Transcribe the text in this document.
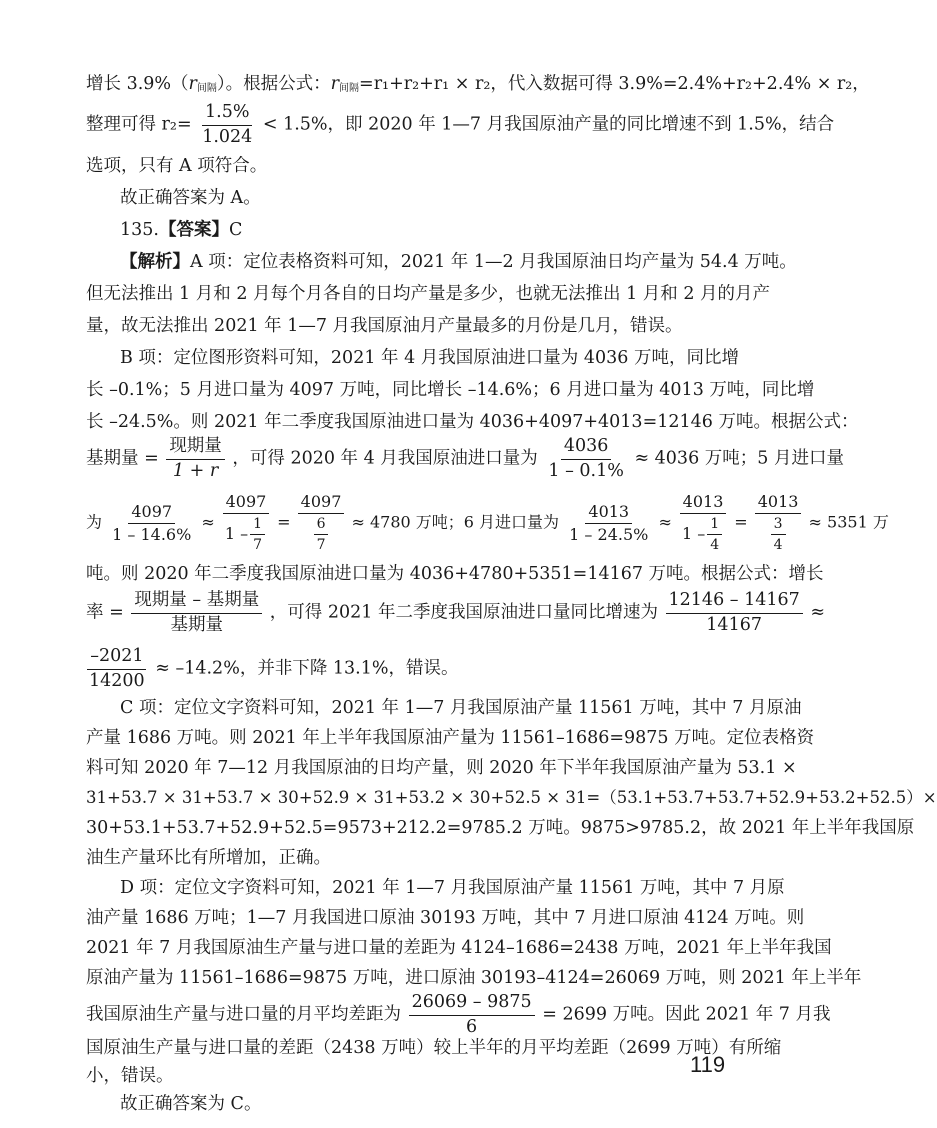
增长 $3.9\%(r_{间隔})$。根据公式：$r_{间隔}=r_1+r_2+r_1 \times r_2$，代入数据可得 3.9%=2.4%+r₂+2.4% × r₂，
整理可得 $r_2= \frac{1.5\%}{1.024} < 1.5\%$，即 2020 年 1—7 月我国原油产量的同比增速不到 1.5%，结合
选项，只有 A 项符合。
故正确答案为 A。
135.【答案】C
【解析】A 项：定位表格资料可知，2021 年 1—2 月我国原油日均产量为 54.4 万吨。
但无法推出 1 月和 2 月每个月各自的日均产量是多少，也就无法推出 1 月和 2 月的月产
量，故无法推出 2021 年 1—7 月我国原油月产量最多的月份是几月，错误。
B 项：定位图形资料可知，2021 年 4 月我国原油进口量为 4036 万吨，同比增
长 –0.1%；5 月进口量为 4097 万吨，同比增长 –14.6%；6 月进口量为 4013 万吨，同比增
长 –24.5%。则 2021 年二季度我国原油进口量为 4036+4097+4013=12146 万吨。根据公式：
基期量 = $\frac{\text{现期量}}{1 + r}$ ，可得 2020 年 4 月我国原油进口量为 $\frac{4036}{1 - 0.1\%} \approx 4036$ 万吨；5 月进口量
为 $\frac{4097}{1 - 14.6\%} \approx \frac{4097}{1 - \frac{1}{7}} = \frac{4097}{\frac{6}{7}} \approx 4780$ 万吨；6 月进口量为 $\frac{4013}{1 - 24.5\%} \approx \frac{4013}{1 - \frac{1}{4}} = \frac{4013}{\frac{3}{4}} \approx 5351$ 万
吨。则 2020 年二季度我国原油进口量为 4036+4780+5351=14167 万吨。根据公式：增长
率 = $\frac{\text{现期量 – 基期量}}{\text{基期量}}$ ，可得 2021 年二季度我国原油进口量同比增速为 $\frac{12146 - 14167}{14167}$ ≈
$\frac{-2021}{14200} \approx -14.2\%$，并非下降 13.1%，错误。
C 项：定位文字资料可知，2021 年 1—7 月我国原油产量 11561 万吨，其中 7 月原油
产量 1686 万吨。则 2021 年上半年我国原油产量为 11561–1686=9875 万吨。定位表格资
料可知 2020 年 7—12 月我国原油的日均产量，则 2020 年下半年我国原油产量为 53.1 ×
31+53.7 × 31+53.7 × 30+52.9 × 31+53.2 × 30+52.5 × 31=（53.1+53.7+53.7+52.9+53.2+52.5）×
30+53.1+53.7+52.9+52.5=9573+212.2=9785.2 万吨。9875>9785.2，故 2021 年上半年我国原
油生产量环比有所增加，正确。
D 项：定位文字资料可知，2021 年 1—7 月我国原油产量 11561 万吨，其中 7 月原
油产量 1686 万吨；1—7 月我国进口原油 30193 万吨，其中 7 月进口原油 4124 万吨。则
2021 年 7 月我国原油生产量与进口量的差距为 4124–1686=2438 万吨，2021 年上半年我国
原油产量为 11561–1686=9875 万吨，进口原油 30193–4124=26069 万吨，则 2021 年上半年
我国原油生产量与进口量的月平均差距为 $\frac{26069 - 9875}{6} = 2699$ 万吨。因此 2021 年 7 月我
国原油生产量与进口量的差距（2438 万吨）较上半年的月平均差距（2699 万吨）有所缩
小，错误。
故正确答案为 C。
119
